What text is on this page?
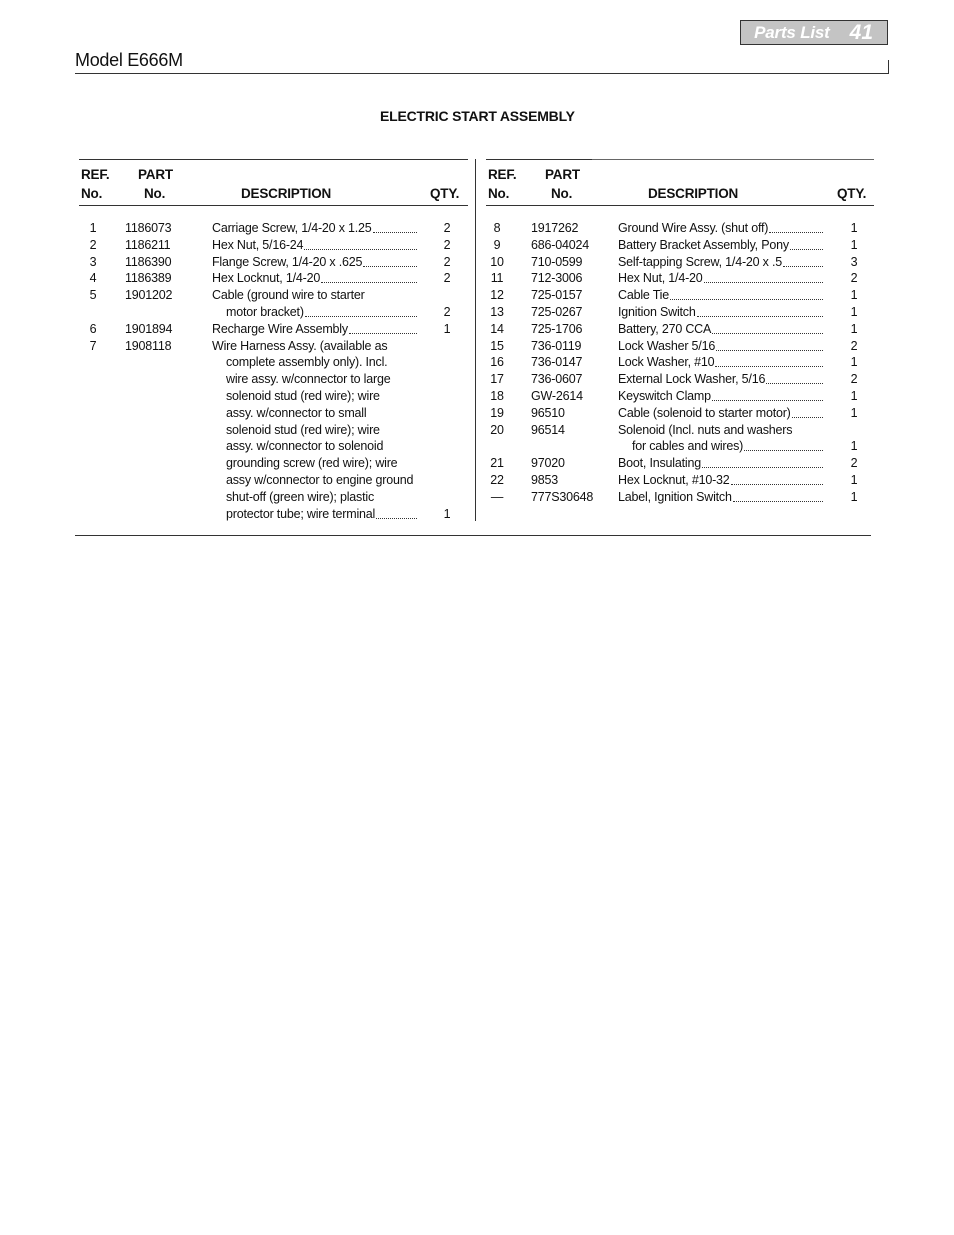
Parts List 41
Model E666M
ELECTRIC START ASSEMBLY
REF.
No.
PART
No.	DESCRIPTION	QTY.
1	1186073	Carriage Screw, 1/4-20 x 1.25	2
2	1186211	Hex Nut, 5/16-24	2
3	1186390	Flange Screw, 1/4-20 x .625	2
4	1186389	Hex Locknut, 1/4-20	2
5	1901202	Cable (ground wire to starter
motor bracket)	2
6	1901894	Recharge Wire Assembly	1
7	1908118	Wire Harness Assy. (available as
complete assembly only). Incl.
wire assy. w/connector to large
solenoid stud (red wire); wire
assy. w/connector to small
solenoid stud (red wire); wire
assy. w/connector to solenoid
grounding screw (red wire); wire
assy w/connector to engine ground
shut-off (green wire); plastic
protector tube; wire terminal	1
REF.
No.
PART
No.	DESCRIPTION	QTY.
8	1917262	Ground Wire Assy. (shut off)	1
9	686-04024 Battery Bracket Assembly, Pony	1
10	710-0599	Self-tapping Screw, 1/4-20 x .5	3
11	712-3006	Hex Nut, 1/4-20	2
12	725-0157	Cable Tie	1
13	725-0267	Ignition Switch	1
14	725-1706	Battery, 270 CCA	1
15	736-0119	Lock Washer 5/16	2
16	736-0147	Lock Washer, #10	1
17	736-0607	External Lock Washer, 5/16	2
18	GW-2614	Keyswitch Clamp	1
19	96510	Cable (solenoid to starter motor)	1
20	96514	Solenoid (Incl. nuts and washers
for cables and wires)	1
21	97020	Boot, Insulating	2
22	9853	Hex Locknut, #10-32	1
—	777S30648 Label, Ignition Switch	1
